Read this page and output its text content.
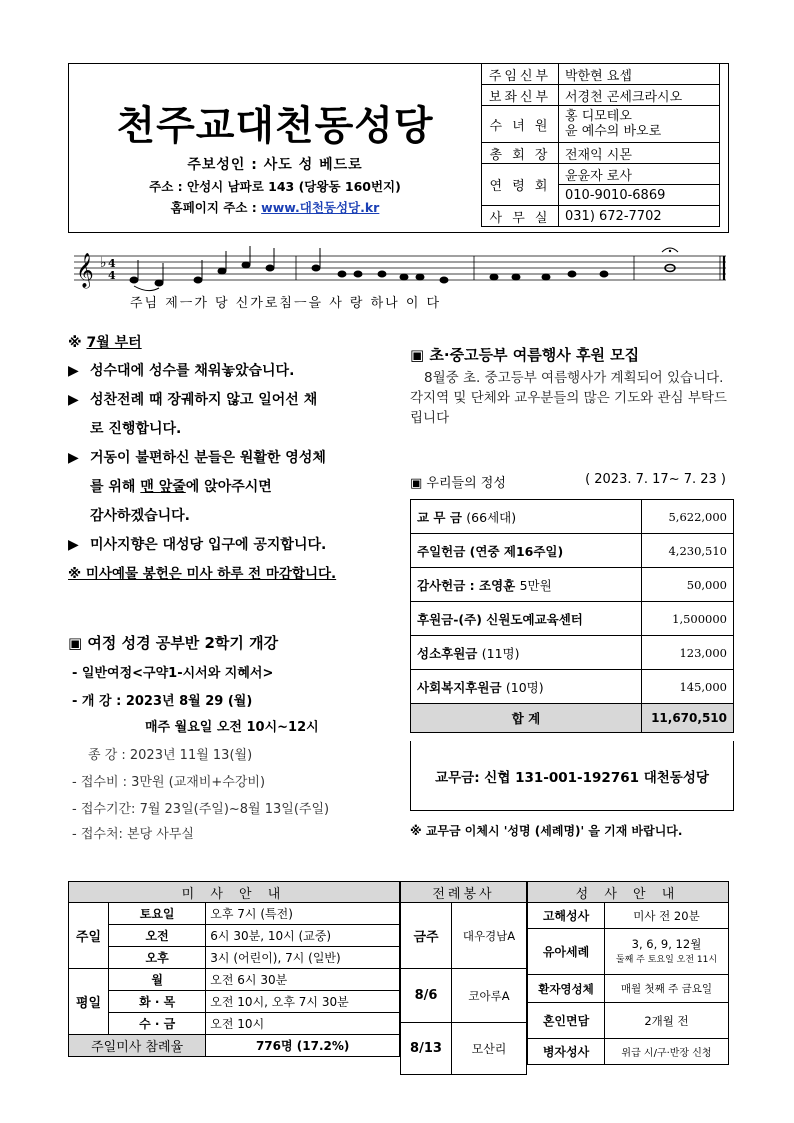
천주교대천동성당
주보성인 : 사도 성 베드로
주소 : 안성시 남파로 143 (당왕동 160번지)
홈페이지 주소 : www.대천동성당.kr
주임신부	박한현 요셉
보좌신부	서경천 곤세크라시오
수 녀 원	홍 디모테오
윤 예수의 바오로
총 회 장	전재익 시몬
연 령 회	윤윤자 로사
	010-9010-6869
사 무 실	031) 672-7702
𝄞 ♭ 4
4
주님 제ㅡ가 당 신가로침ㅡ을 사 랑 하나 이 다
※ 7월 부터
▶ 성수대에 성수를 채워놓았습니다.
▶ 성찬전례 때 장궤하지 않고 일어선 채
로 진행합니다.
▶ 거동이 불편하신 분들은 원활한 영성체
를 위해 맨 앞줄에 앉아주시면
감사하겠습니다.
▶ 미사지향은 대성당 입구에 공지합니다.
※ 미사예물 봉헌은 미사 하루 전 마감합니다.
▣ 여정 성경 공부반 2학기 개강
- 일반여정<구약1-시서와 지혜서>
- 개 강 : 2023년 8월 29 (월)
매주 월요일 오전 10시~12시
종 강 : 2023년 11월 13(월)
- 접수비 : 3만원 (교재비+수강비)
- 접수기간: 7월 23일(주일)~8월 13일(주일)
- 접수처: 본당 사무실
▣ 초·중고등부 여름행사 후원 모집
8월중 초. 중고등부 여름행사가 계획되어 있습니다.
각지역 및 단체와 교우분들의 많은 기도와 관심 부탁드립니다
▣ 우리들의 정성	( 2023. 7. 17~ 7. 23 )
교 무 금 (66세대)	5,622,000
주일헌금 (연중 제16주일)	4,230,510
감사헌금 : 조영훈 5만원	50,000
후원금-(주) 신원도예교육센터	1,500000
성소후원금 (11명)	123,000
사회복지후원금 (10명)	145,000
합 계	11,670,510
교무금: 신협 131-001-192761 대천동성당
※ 교무금 이체시 '성명 (세례명)' 을 기재 바랍니다.
미 사 안 내		
주일	토요일	오후 7시 (특전)
	오전	6시 30분, 10시 (교중)
	오후	3시 (어린이), 7시 (일반)
평일	월	오전 6시 30분
	화 · 목	오전 10시, 오후 7시 30분
	수 · 금	오전 10시
주일미사 참례율		776명 (17.2%)
전례봉사	
금주	대우경남A
8/6	코아루A
8/13	모산리
성 사 안 내	
고해성사	미사 전 20분
유아세례	3, 6, 9, 12월
둘째 주 토요일 오전 11시
환자영성체	매월 첫째 주 금요일
혼인면담	2개월 전
병자성사	위급 시/구·반장 신청
